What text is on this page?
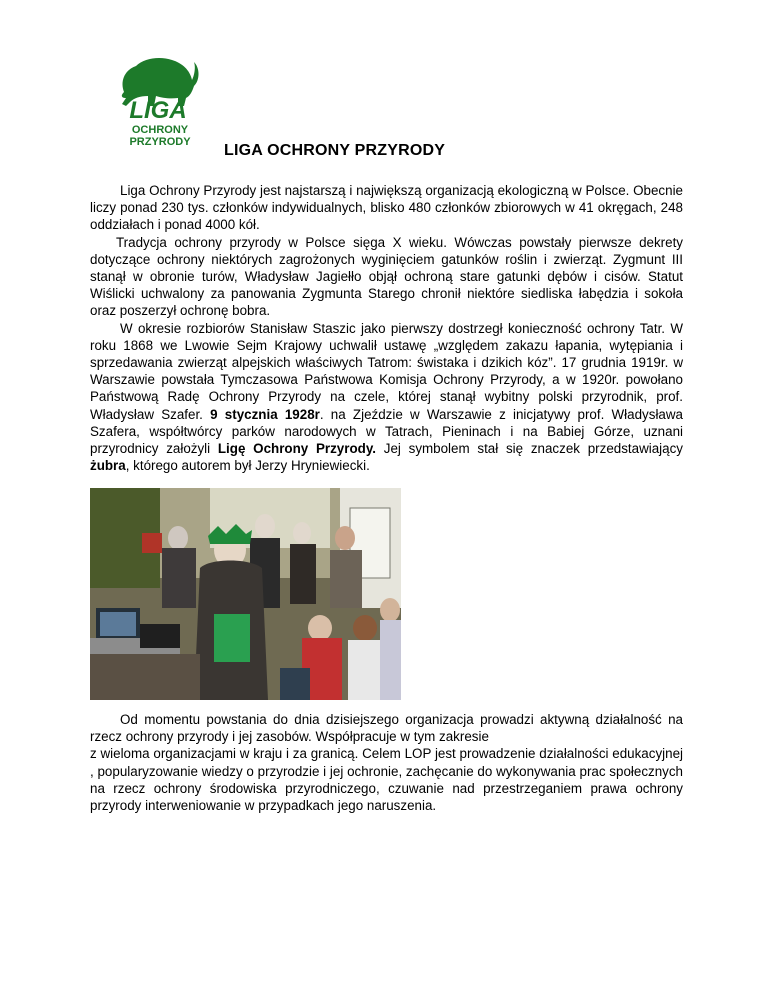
LIGA
OCHRONY
PRZYRODY LIGA OCHRONY PRZYRODY

Liga Ochrony Przyrody jest najstarszą i największą organizacją ekologiczną w Polsce. Obecnie liczy ponad 230 tys. członków indywidualnych, blisko 480 członków zbiorowych w 41 okręgach, 248 oddziałach i ponad 4000 kół.

Tradycja ochrony przyrody w Polsce sięga X wieku. Wówczas powstały pierwsze dekrety dotyczące ochrony niektórych zagrożonych wyginięciem gatunków roślin i zwierząt. Zygmunt III stanął w obronie turów, Władysław Jagiełło objął ochroną stare gatunki dębów i cisów. Statut Wiślicki uchwalony za panowania Zygmunta Starego chronił niektóre siedliska łabędzia i sokoła oraz poszerzył ochronę bobra.

W okresie rozbiorów Stanisław Staszic jako pierwszy dostrzegł konieczność ochrony Tatr. W roku 1868 we Lwowie Sejm Krajowy uchwalił ustawę „względem zakazu łapania, wytępiania i sprzedawania zwierząt alpejskich właściwych Tatrom: świstaka i dzikich kóz”. 17 grudnia 1919r. w Warszawie powstała Tymczasowa Państwowa Komisja Ochrony Przyrody, a w 1920r. powołano Państwową Radę Ochrony Przyrody na czele, której stanął wybitny polski przyrodnik, prof. Władysław Szafer. 9 stycznia 1928r. na Zjeździe w Warszawie z inicjatywy prof. Władysława Szafera, współtwórcy parków narodowych w Tatrach, Pieninach i na Babiej Górze, uznani przyrodnicy założyli Ligę Ochrony Przyrody. Jej symbolem stał się znaczek przedstawiający żubra, którego autorem był Jerzy Hryniewiecki.

Od momentu powstania do dnia dzisiejszego organizacja prowadzi aktywną działalność na rzecz ochrony przyrody i jej zasobów. Współpracuje w tym zakresie

z wieloma organizacjami w kraju i za granicą. Celem LOP jest prowadzenie działalności edukacyjnej , popularyzowanie wiedzy o przyrodzie i jej ochronie, zachęcanie do wykonywania prac społecznych na rzecz ochrony środowiska przyrodniczego, czuwanie nad przestrzeganiem prawa ochrony przyrody interweniowanie w przypadkach jego naruszenia.
